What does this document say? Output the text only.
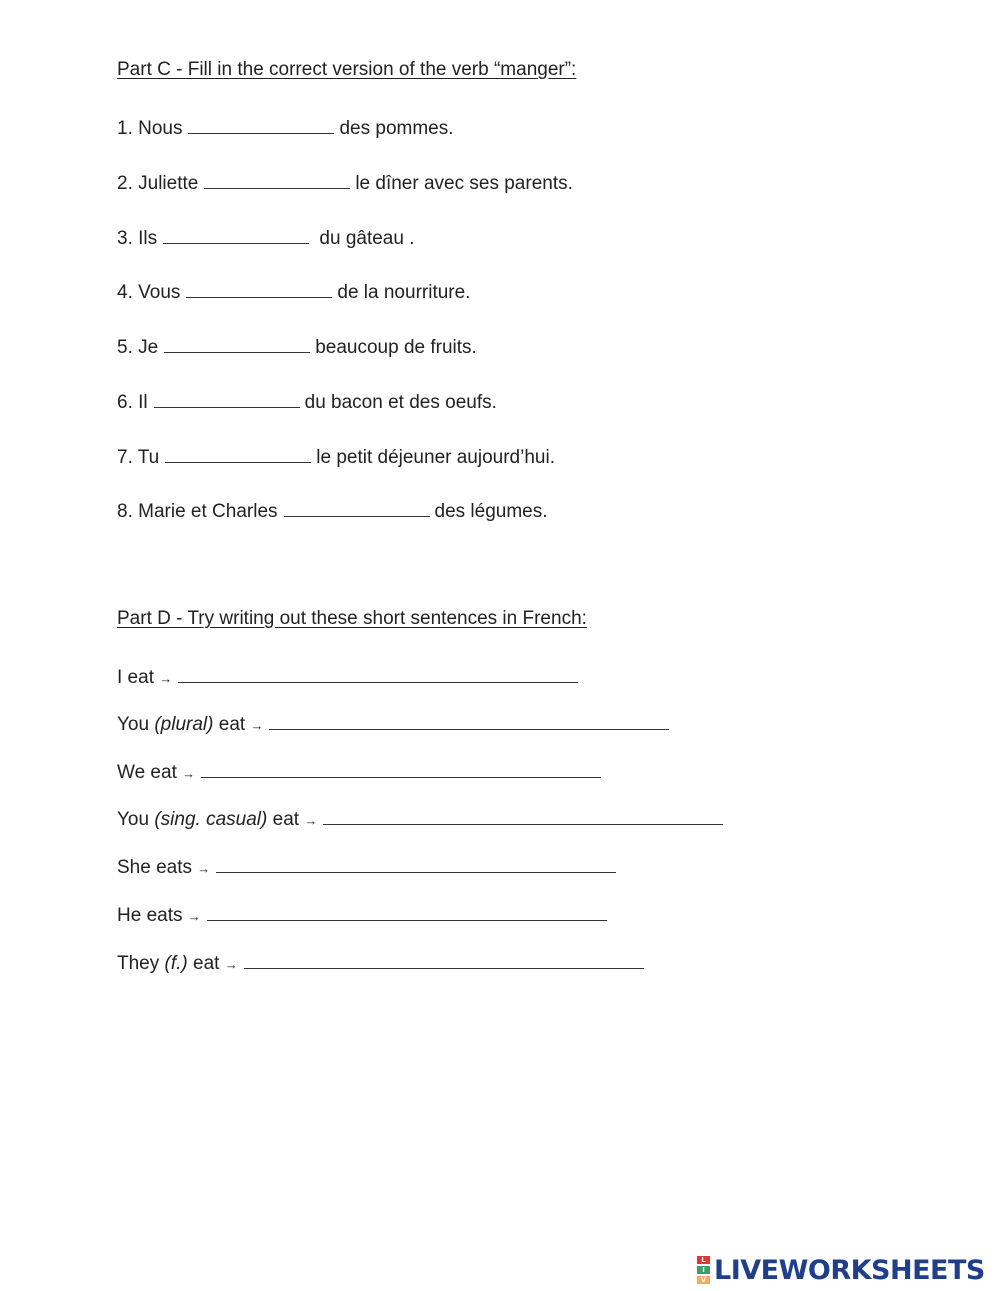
Part C - Fill in the correct version of the verb “manger”:
1. Nous	des pommes.
2. Juliette	le dîner avec ses parents.
3. Ils	du gâteau .
4. Vous	de la nourriture.
5. Je	beaucoup de fruits.
6. Il	du bacon et des oeufs.
7. Tu	le petit déjeuner aujourd’hui.
8. Marie et Charles	des légumes.
Part D - Try writing out these short sentences in French:
I eat →
You (plural) eat →
We eat →
You (sing. casual) eat →
She eats →
He eats →
They (f.) eat →
L
I
V LIVEWORKSHEETS
